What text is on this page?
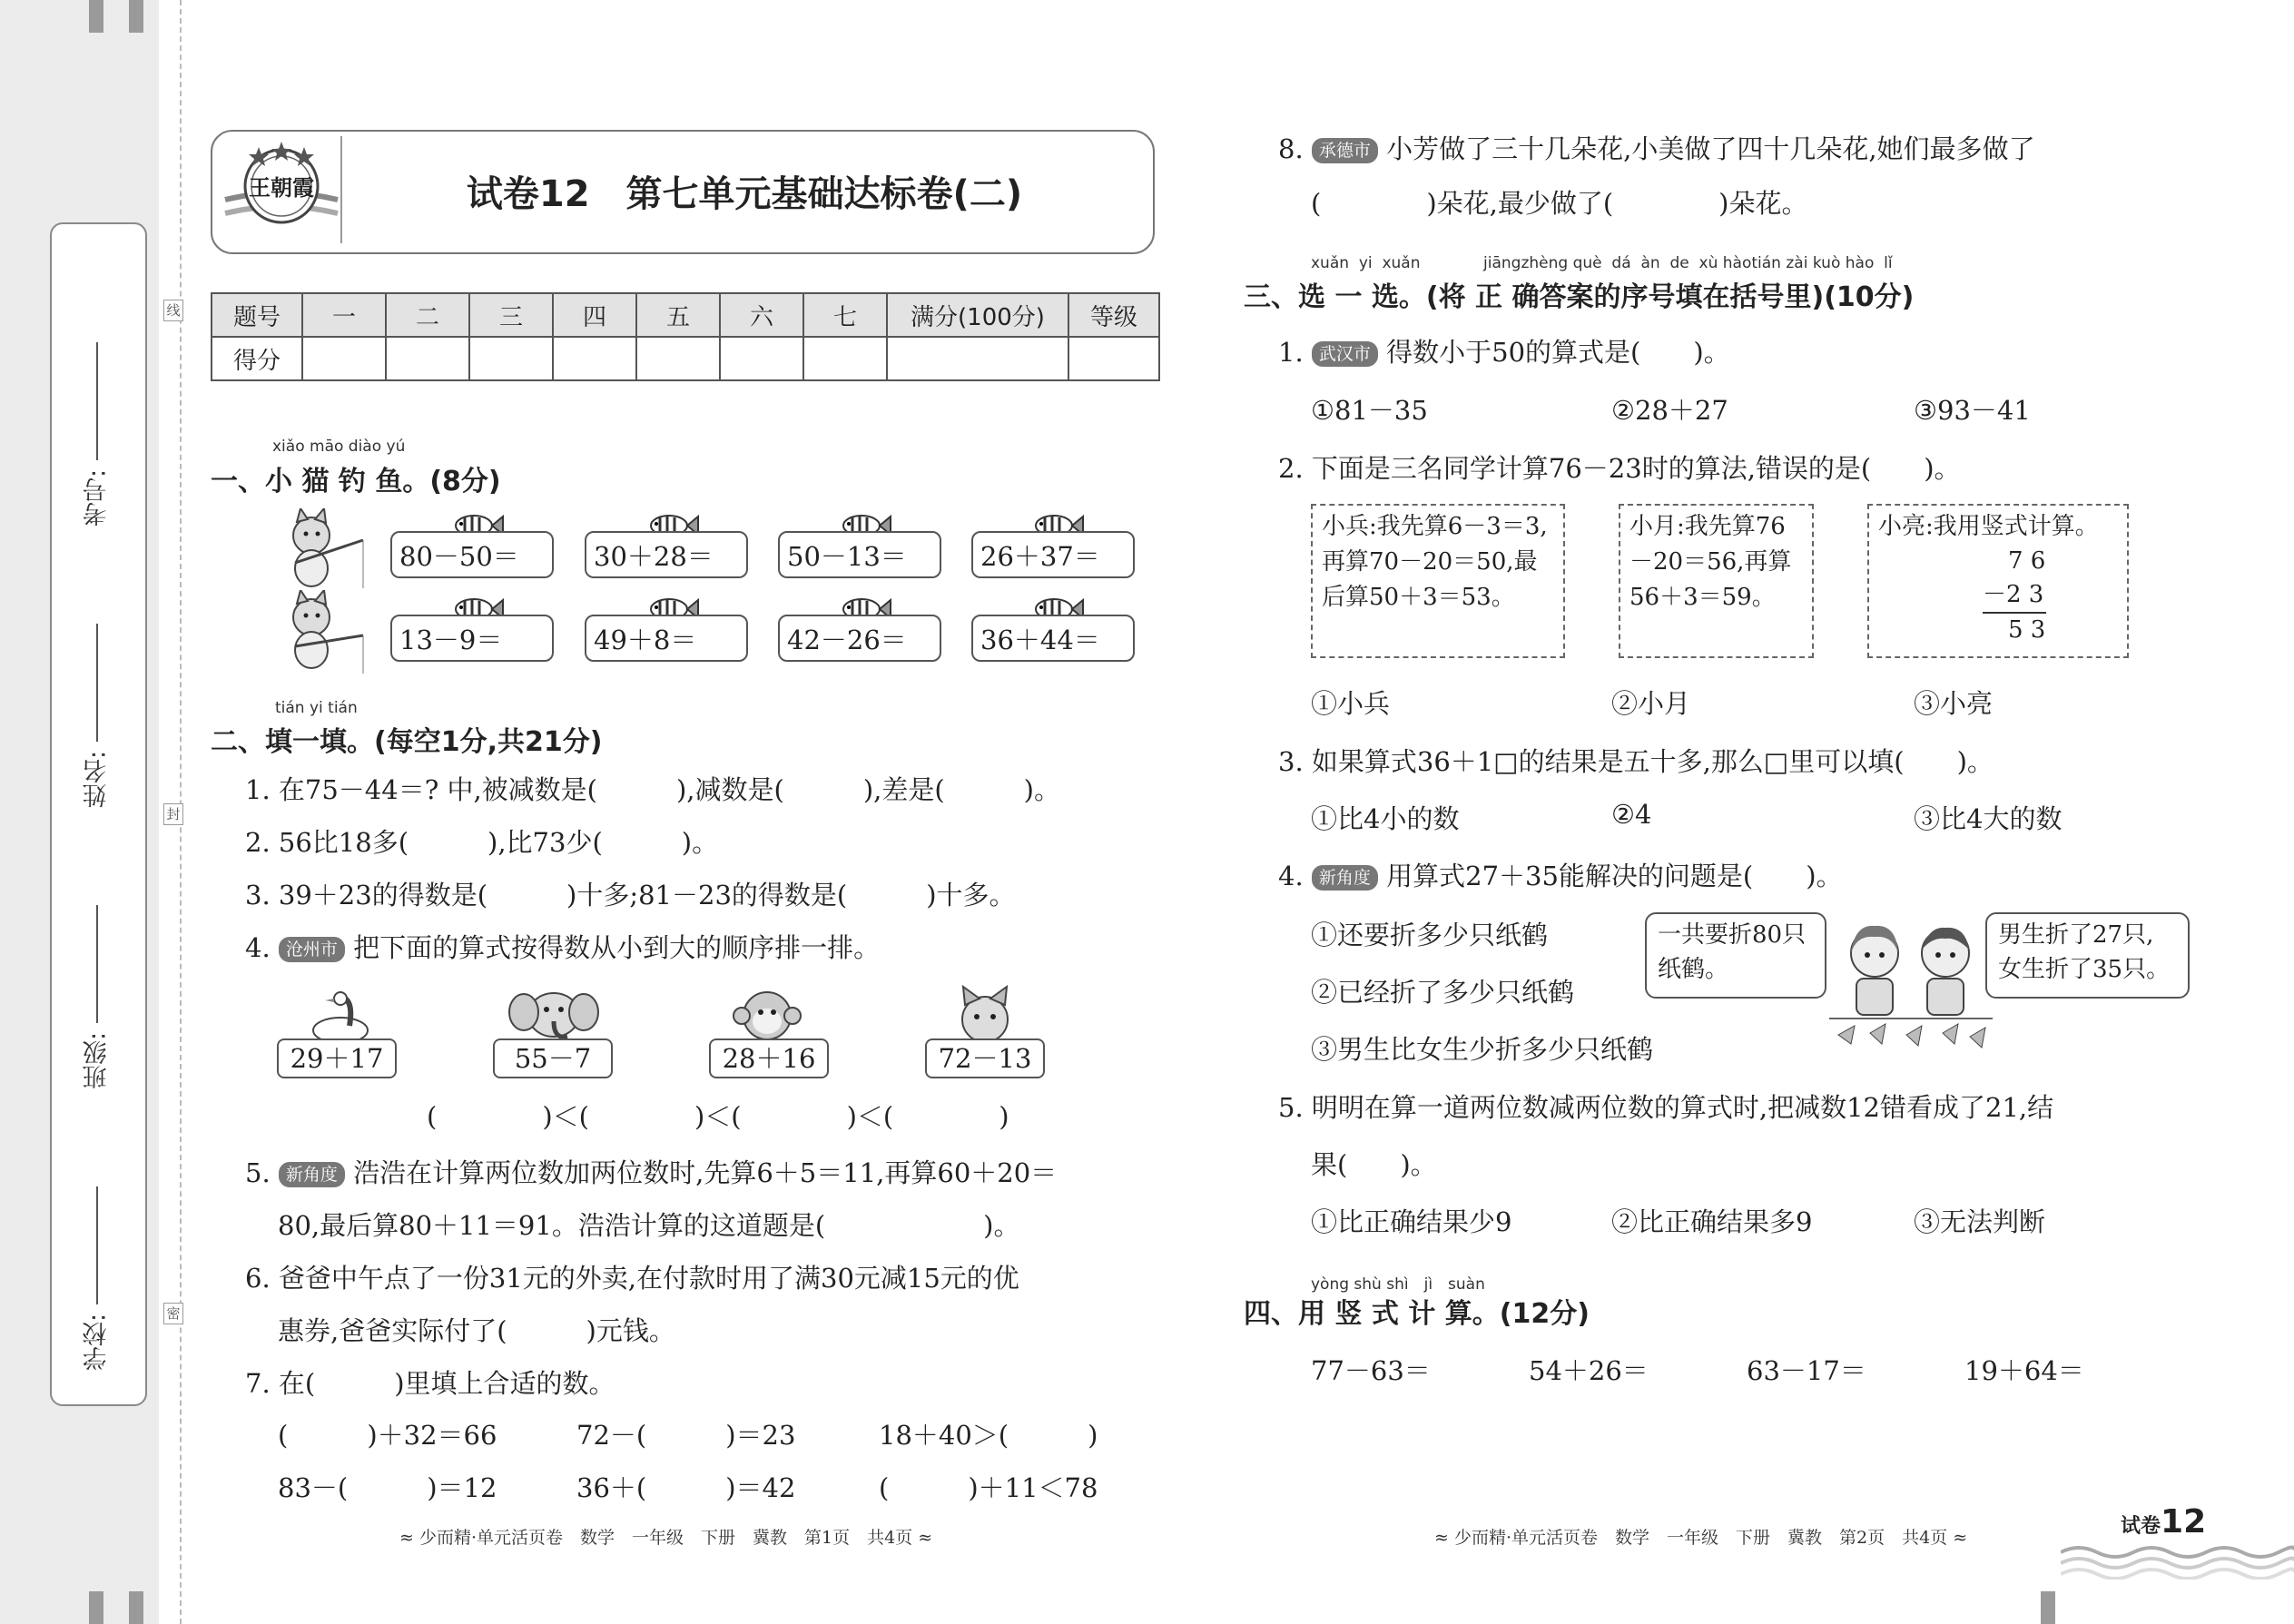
考号:
姓名:
班级:
学校:
线
封
密
王朝霞	试卷12　第七单元基础达标卷(二)
题号	一	二	三	四	五	六	七	满分(100分)	等级
得分									
xiǎo māo diào yú
一、小 猫 钓 鱼。(8分)
80－50＝	30＋28＝	50－13＝	26＋37＝
13－9＝	49＋8＝	42－26＝	36＋44＝
tián yi tián
二、填一填。(每空1分,共21分)
1. 在75－44＝? 中,被减数是(　　　),减数是(　　　),差是(　　　)。
2. 56比18多(　　　),比73少(　　　)。
3. 39＋23的得数是(　　　)十多;81－23的得数是(　　　)十多。
4. 沧州市 把下面的算式按得数从小到大的顺序排一排。
29＋17	55－7	28＋16	72－13
(　　　　)＜(　　　　)＜(　　　　)＜(　　　　)
5. 新角度 浩浩在计算两位数加两位数时,先算6＋5＝11,再算60＋20＝
80,最后算80＋11＝91。浩浩计算的这道题是(　　　　　　)。
6. 爸爸中午点了一份31元的外卖,在付款时用了满30元减15元的优
惠券,爸爸实际付了(　　　)元钱。
7. 在(　　　)里填上合适的数。
(　　　)＋32＝66	72－(　　　)＝23	18＋40＞(　　　)
83－(　　　)＝12	36＋(　　　)＝42	(　　　)＋11＜78
≈ 少而精·单元活页卷　数学　一年级　下册　冀教　第1页　共4页 ≈
8. 承德市 小芳做了三十几朵花,小美做了四十几朵花,她们最多做了
(　　　　)朵花,最少做了(　　　　)朵花。
xuǎn yi xuǎn	jiāngzhèng què dá àn de xù hàotián zài kuò hào lǐ
三、选 一 选。(将 正 确答案的序号填在括号里)(10分)
1. 武汉市 得数小于50的算式是(　　)。
①81－35	②28＋27	③93－41
2. 下面是三名同学计算76－23时的算法,错误的是(　　)。
小兵:我先算6－3＝3,再算70－20＝50,最后算50＋3＝53。
小月:我先算76－20＝56,再算56＋3＝59。
小亮:我用竖式计算。
7 6
－2 3
5 3
①小兵	②小月	③小亮
3. 如果算式36＋1□的结果是五十多,那么□里可以填(　　)。
①比4小的数	②4	③比4大的数
4. 新角度 用算式27＋35能解决的问题是(　　)。
①还要折多少只纸鹤
②已经折了多少只纸鹤
③男生比女生少折多少只纸鹤
一共要折80只纸鹤。
男生折了27只,女生折了35只。
5. 明明在算一道两位数减两位数的算式时,把减数12错看成了21,结
果(　　)。
①比正确结果少9	②比正确结果多9	③无法判断
yòng shù shì　jì　suàn
四、用 竖 式 计 算。(12分)
77－63＝	54＋26＝	63－17＝	19＋64＝
≈ 少而精·单元活页卷　数学　一年级　下册　冀教　第2页　共4页 ≈	试卷12
